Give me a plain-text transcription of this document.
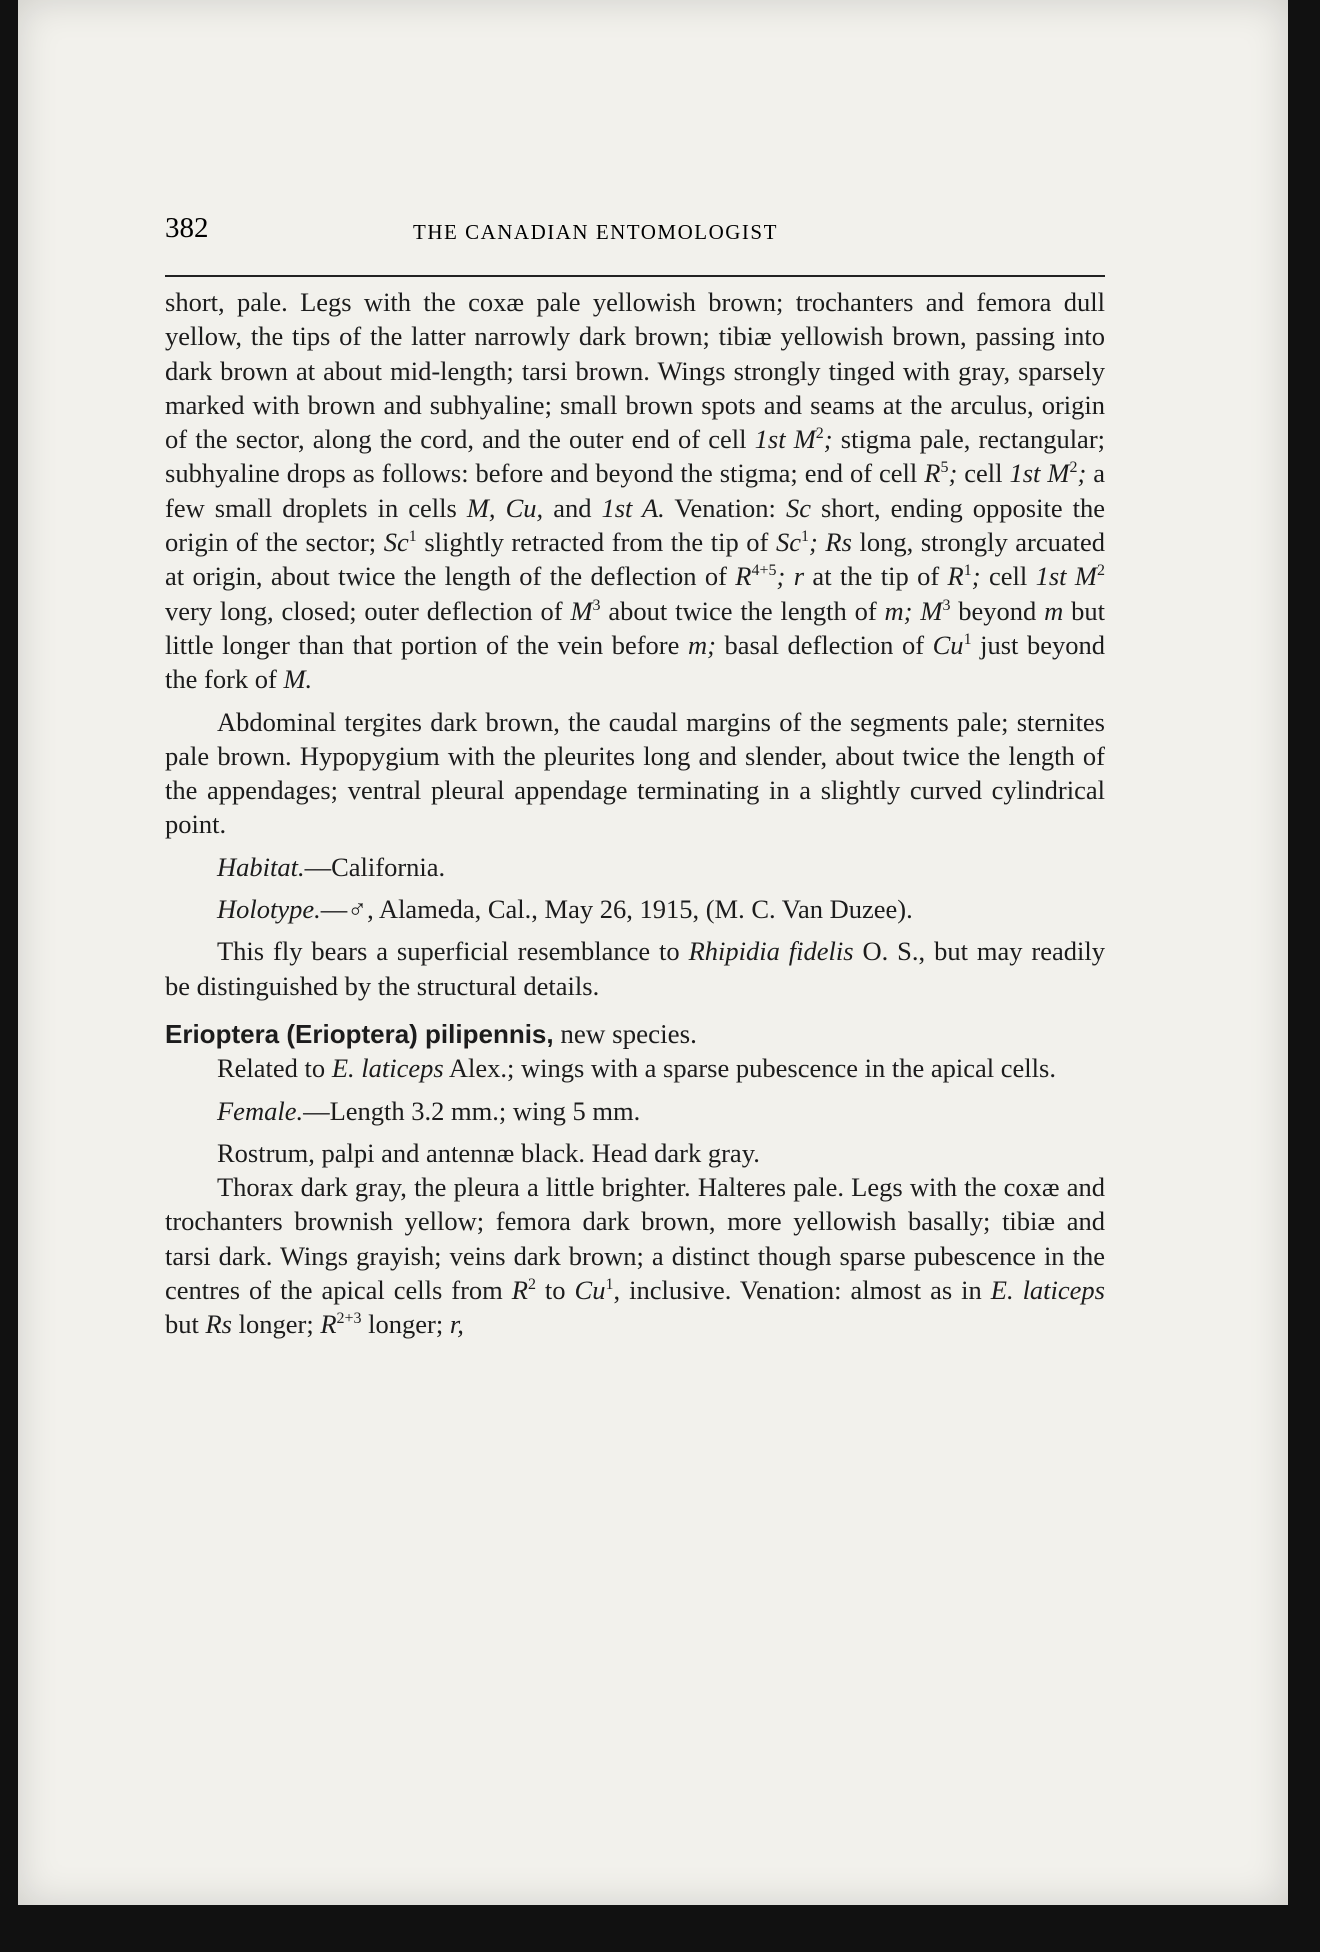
382	THE CANADIAN ENTOMOLOGIST

short, pale. Legs with the coxæ pale yellowish brown; trochanters and femora dull yellow, the tips of the latter narrowly dark brown; tibiæ yellowish brown, passing into dark brown at about mid-length; tarsi brown. Wings strongly tinged with gray, sparsely marked with brown and subhyaline; small brown spots and seams at the arculus, origin of the sector, along the cord, and the outer end of cell 1st $M^2$; stigma pale, rectangular; subhyaline drops as follows: before and beyond the stigma; end of cell $R^5$; cell 1st $M^2$; a few small droplets in cells M, Cu, and 1st A. Venation: Sc short, ending opposite the origin of the sector; Sc$^1$ slightly retracted from the tip of Sc$^1$; Rs long, strongly arcuated at origin, about twice the length of the deflection of $R^{4+5}$; r at the tip of $R^1$; cell 1st $M^2$ very long, closed; outer deflection of $M^3$ about twice the length of m; $M^3$ beyond m but little longer than that portion of the vein before m; basal deflection of Cu$^1$ just beyond the fork of M.

Abdominal tergites dark brown, the caudal margins of the segments pale; sternites pale brown. Hypopygium with the pleurites long and slender, about twice the length of the appendages; ventral pleural appendage terminating in a slightly curved cylindrical point.

Habitat.—California.

Holotype.—♂, Alameda, Cal., May 26, 1915, (M. C. Van Duzee).

This fly bears a superficial resemblance to Rhipidia fidelis O. S., but may readily be distinguished by the structural details.

Erioptera (Erioptera) pilipennis, new species.

Related to E. laticeps Alex.; wings with a sparse pubescence in the apical cells.

Female.—Length 3.2 mm.; wing 5 mm.

Rostrum, palpi and antennæ black. Head dark gray.

Thorax dark gray, the pleura a little brighter. Halteres pale. Legs with the coxæ and trochanters brownish yellow; femora dark brown, more yellowish basally; tibiæ and tarsi dark. Wings grayish; veins dark brown; a distinct though sparse pubescence in the centres of the apical cells from $R^2$ to Cu$^1$, inclusive. Venation: almost as in E. laticeps but Rs longer; $R^{2+3}$ longer; r,
